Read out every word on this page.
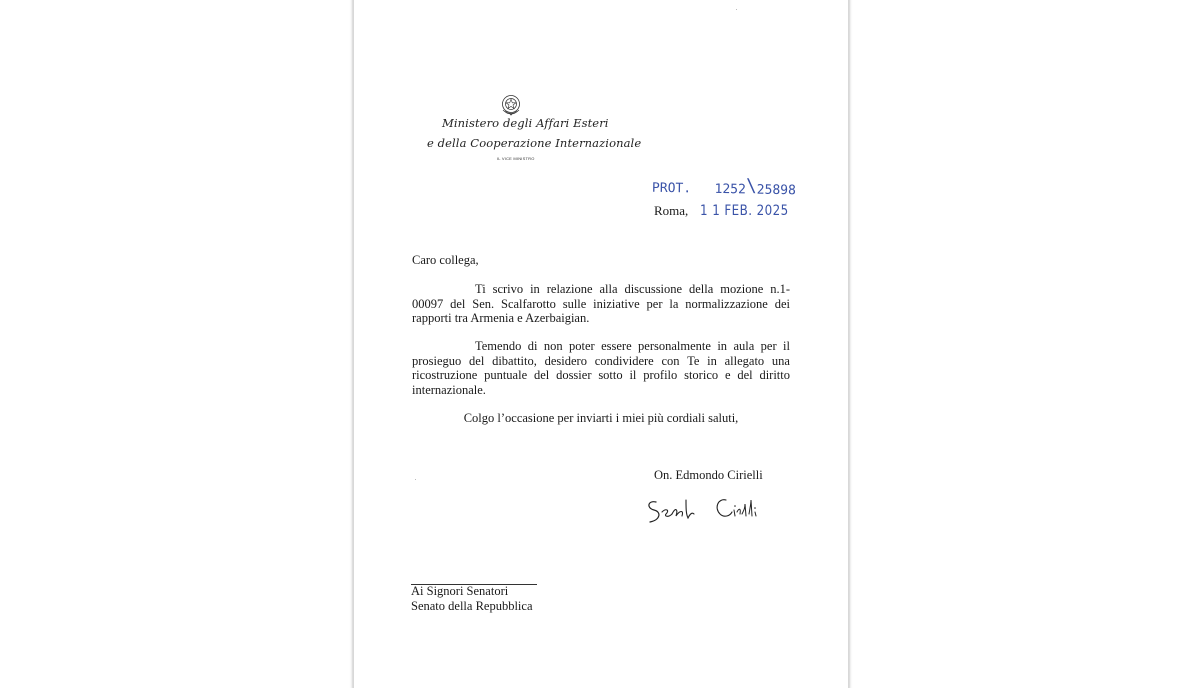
Ministero degli Affari Esteri
e della Cooperazione Internazionale
IL VICE MINISTRO
PROT. 1252\25898
Roma, 1 1 FEB. 2025
Caro collega,
Ti scrivo in relazione alla discussione della mozione n.1-00097 del Sen. Scalfarotto sulle iniziative per la normalizzazione dei rapporti tra Armenia e Azerbaigian.
Temendo di non poter essere personalmente in aula per il prosieguo del dibattito, desidero condividere con Te in allegato una ricostruzione puntuale del dossier sotto il profilo storico e del diritto internazionale.
Colgo l’occasione per inviarti i miei più cordiali saluti,
On. Edmondo Cirielli
Ai Signori Senatori
Senato della Repubblica
